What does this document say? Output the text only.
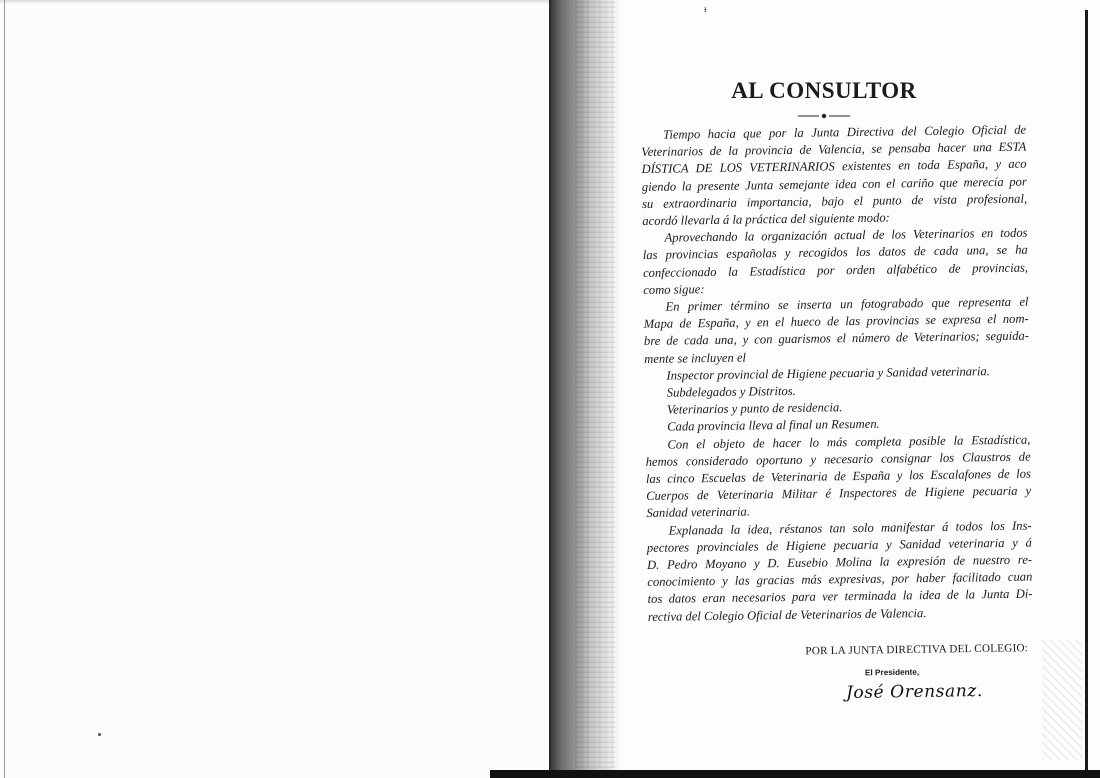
ᵻ
AL CONSULTOR
Tiempo hacia que por la Junta Directiva del Colegio Oficial de
Veterinarios de la provincia de Valencia, se pensaba hacer una ESTA
DÍSTICA DE LOS VETERINARIOS existentes en toda España, y aco
giendo la presente Junta semejante idea con el cariño que merecía por
su extraordinaria importancia, bajo el punto de vista profesional,
acordó llevarla á la práctica del siguiente modo:
Aprovechando la organización actual de los Veterinarios en todos
las provincias españolas y recogidos los datos de cada una, se ha
confeccionado la Estadística por orden alfabético de provincias,
como sigue:
En primer término se inserta un fotograbado que representa el
Mapa de España, y en el hueco de las provincias se expresa el nom-
bre de cada una, y con guarismos el número de Veterinarios; seguida-
mente se incluyen el
Inspector provincial de Higiene pecuaria y Sanidad veterinaria.
Subdelegados y Distritos.
Veterinarios y punto de residencia.
Cada provincia lleva al final un Resumen.
Con el objeto de hacer lo más completa posible la Estadística,
hemos considerado oportuno y necesario consignar los Claustros de
las cinco Escuelas de Veterinaria de España y los Escalafones de los
Cuerpos de Veterinaria Militar é Inspectores de Higiene pecuaria y
Sanidad veterinaria.
Explanada la idea, réstanos tan solo manifestar á todos los Ins-
pectores provinciales de Higiene pecuaria y Sanidad veterinaria y á
D. Pedro Moyano y D. Eusebio Molina la expresión de nuestro re-
conocimiento y las gracias más expresivas, por haber facilitado cuan
tos datos eran necesarios para ver terminada la idea de la Junta Di-
rectiva del Colegio Oficial de Veterinarios de Valencia.

POR LA JUNTA DIRECTIVA DEL COLEGIO:

El Presidente,
José Orensanz.
